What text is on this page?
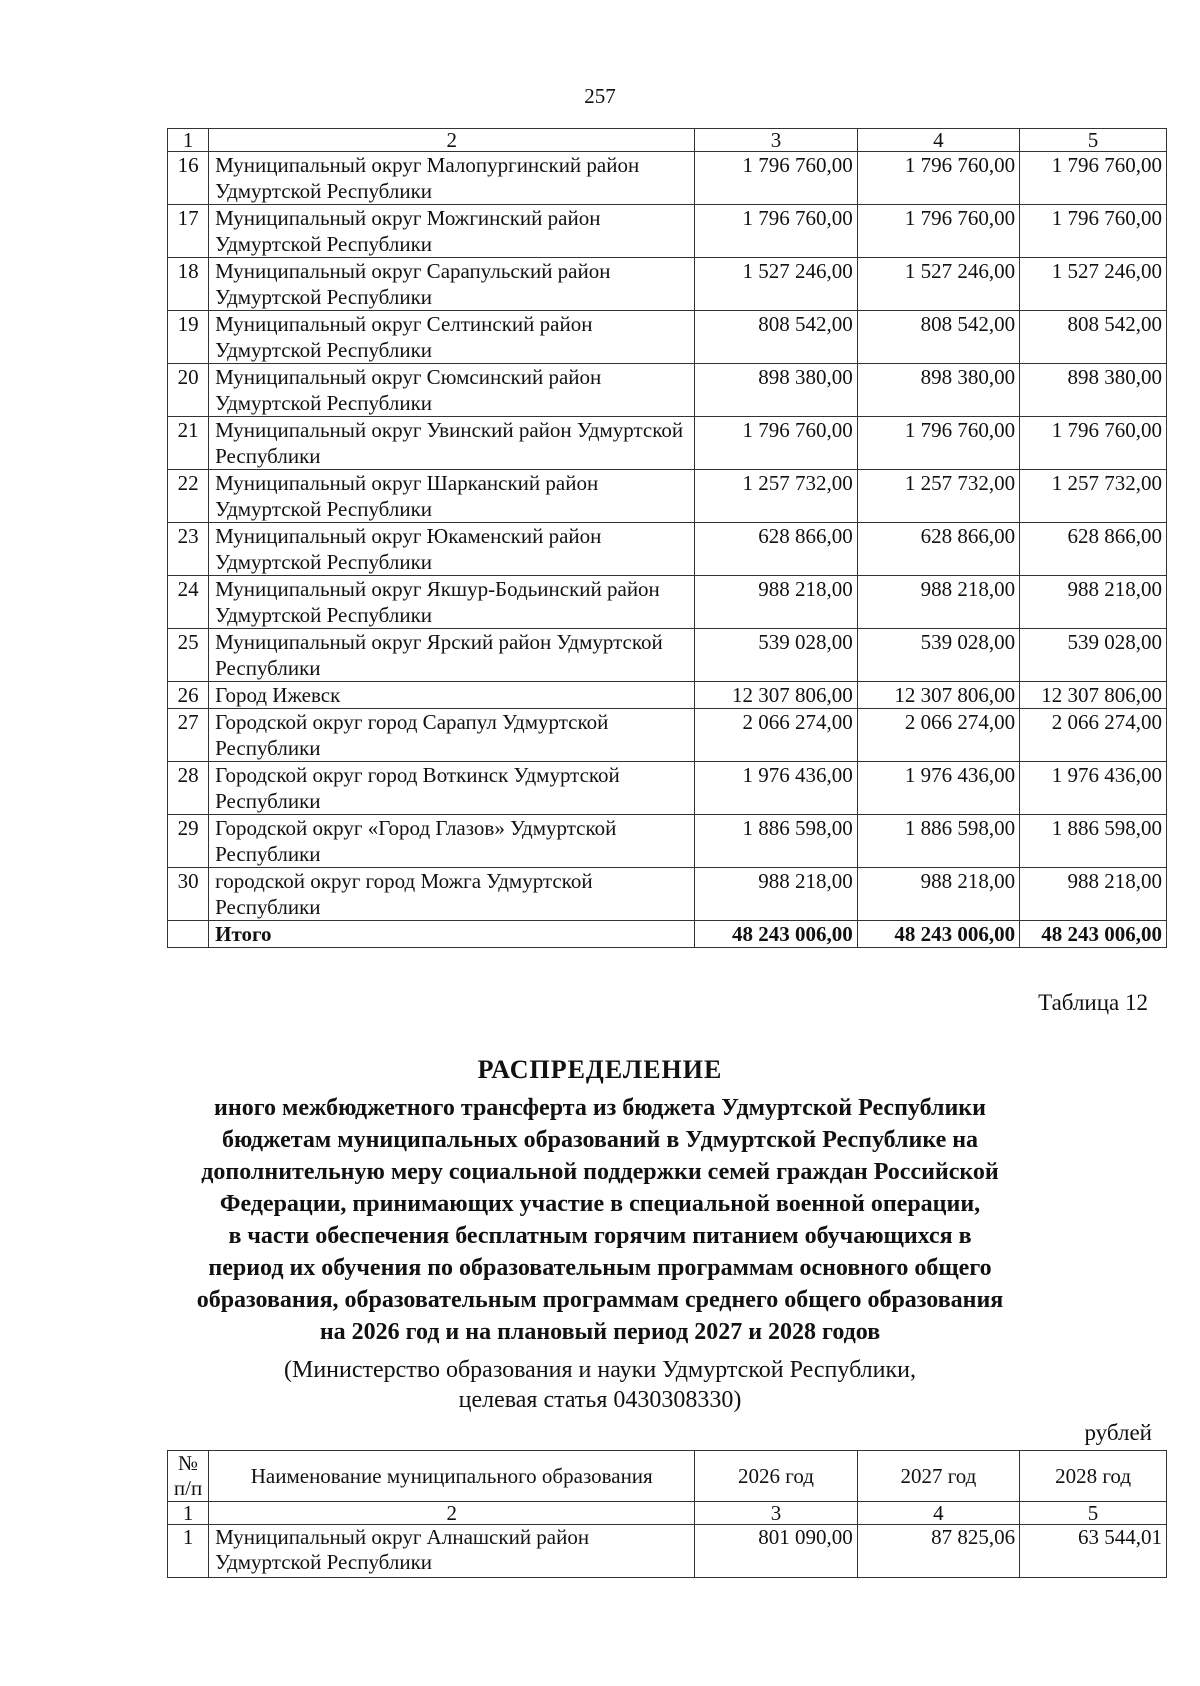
257
1	2	3	4	5
16	Муниципальный округ Малопургинский район Удмуртской Республики	1 796 760,00	1 796 760,00	1 796 760,00
17	Муниципальный округ Можгинский район Удмуртской Республики	1 796 760,00	1 796 760,00	1 796 760,00
18	Муниципальный округ Сарапульский район Удмуртской Республики	1 527 246,00	1 527 246,00	1 527 246,00
19	Муниципальный округ Селтинский район Удмуртской Республики	808 542,00	808 542,00	808 542,00
20	Муниципальный округ Сюмсинский район Удмуртской Республики	898 380,00	898 380,00	898 380,00
21	Муниципальный округ Увинский район Удмуртской Республики	1 796 760,00	1 796 760,00	1 796 760,00
22	Муниципальный округ Шарканский район Удмуртской Республики	1 257 732,00	1 257 732,00	1 257 732,00
23	Муниципальный округ Юкаменский район Удмуртской Республики	628 866,00	628 866,00	628 866,00
24	Муниципальный округ Якшур-Бодьинский район Удмуртской Республики	988 218,00	988 218,00	988 218,00
25	Муниципальный округ Ярский район Удмуртской Республики	539 028,00	539 028,00	539 028,00
26	Город Ижевск	12 307 806,00	12 307 806,00	12 307 806,00
27	Городской округ город Сарапул Удмуртской Республики	2 066 274,00	2 066 274,00	2 066 274,00
28	Городской округ город Воткинск Удмуртской Республики	1 976 436,00	1 976 436,00	1 976 436,00
29	Городской округ «Город Глазов» Удмуртской Республики	1 886 598,00	1 886 598,00	1 886 598,00
30	городской округ город Можга Удмуртской Республики	988 218,00	988 218,00	988 218,00
	Итого	48 243 006,00	48 243 006,00	48 243 006,00
Таблица 12
РАСПРЕДЕЛЕНИЕ
иного межбюджетного трансферта из бюджета Удмуртской Республики
бюджетам муниципальных образований в Удмуртской Республике на
дополнительную меру социальной поддержки семей граждан Российской
Федерации, принимающих участие в специальной военной операции,
в части обеспечения бесплатным горячим питанием обучающихся в
период их обучения по образовательным программам основного общего
образования, образовательным программам среднего общего образования
на 2026 год и на плановый период 2027 и 2028 годов
(Министерство образования и науки Удмуртской Республики,
целевая статья 0430308330)
рублей
№ п/п	Наименование муниципального образования	2026 год	2027 год	2028 год
1	2	3	4	5
1	Муниципальный округ Алнашский район Удмуртской Республики	801 090,00	87 825,06	63 544,01
